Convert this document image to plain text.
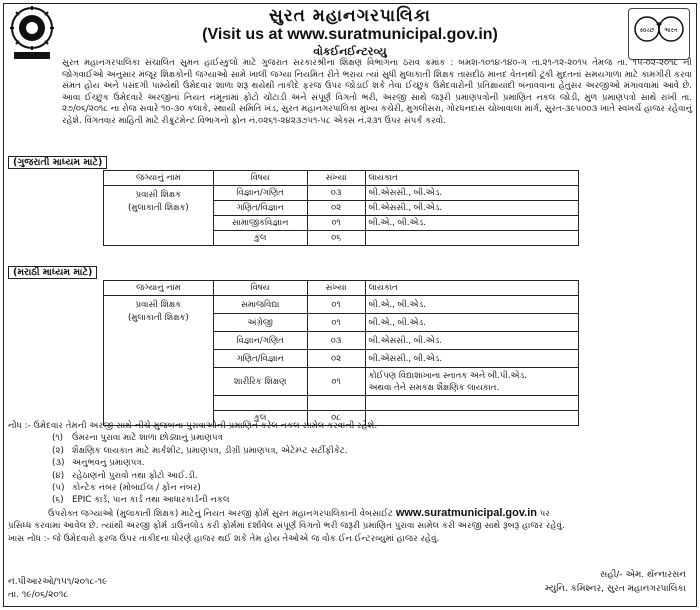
સ્વચ્છ ભારત
સુરત મહાનગરપાલિકા
(Visit us at www.suratmunicipal.gov.in)
વોકઈનઈન્ટરવ્યુ
સુરત મહાનગરપાલિકા સંચાલિત સુમન હાઈસ્કુલો માટે ગુજરાત સરકારશ્રીના શિક્ષણ વિભાગના ઠરાવ ક્રમાંક : બમશ-૧૦૧૪-૧૪૦-ગ તા.૨૧-૧૨-૨૦૧૫ તેમજ તા. ૧૫-૦૨-૨૦૧૮ ની જોગવાઈઓ અનુસાર મંજૂર શિક્ષકોની જગ્યાઓ સામે ખાલી જગ્યા નિયમિત રીતે ભરાય ત્યાં સુધી મુલાકાતી શિક્ષક તાસદીઠ માનદ વેતનથી ટૂંકી મુદતનાં સમયગાળા માટે કામગીરી કરવા સંમત હોય અને પસંદગી પામ્યેથી ઉમેદવાર શાળા શરૂ થયેથી તાકીદે ફરજ ઉપર જોડાઈ શકે તેવા ઈચ્છુક ઉમેદવારોની પ્રતિક્ષાયાદી બનાવવાના હેતુસર અરજીઓ મંગાવવામાં આવે છે. આવા ઈચ્છુક ઉમેદવારે અરજીનાં નિયત નમૂનામાં ફોટો ચોંટાડી અને સંપૂર્ણ વિગતો ભરી, અરજી સાથે જરૂરી પ્રમાણપત્રોની પ્રમાણિત નકલ જોડી, મુળ પ્રમાણપત્રો સાથે રાખી તા. ૨૭/૦૬/૨૦૧૮ ના રોજ સવારે ૧૦-૩૦ કલાકે, સ્થાયી સમિતિ ખંડ, સુરત મહાનગરપાલિકા મુખ્ય કચેરી, મુગલીસરા, ગોરધનદાસ ચોખાવાલા માર્ગ, સુરત-૩૯૫૦૦૩ ખાતે સ્વખર્ચે હાજર રહેવાનું રહેશે. વિગતવાર માહિતી માટે રીક્રુટમેન્ટ વિભાગનો ફોન નં.૦૨૬૧-૨૪૨૩૭૫૧-૫૮ એક્સ નં.૨૩૧ ઉપર સંપર્ક કરવો.
(ગુજરાતી માધ્યમ માટે)
જગ્યાનું નામ	વિષય	સંખ્યા	લાયકાત

પ્રવાસી શિક્ષક
(મુલાકાતી શિક્ષક)	વિજ્ઞાન/ગણિત	૦૩	બી.એસસી., બી.એડ.
	ગણિત/વિજ્ઞાન	૦૨	બી.એસસી., બી.એડ.
	સામાજીકવિજ્ઞાન	૦૧	બી.એ., બી.એડ.
	કુલ	૦૬	
(મરાઠી માધ્યમ માટે)
જગ્યાનું નામ	વિષય	સંખ્યા	લાયકાત

પ્રવાસી શિક્ષક
(મુલાકાતી શિક્ષક)	સમાજવિદ્યા	૦૧	બી.એ., બી.એડ.
	અંગ્રેજી	૦૧	બી.એ., બી.એડ.
	વિજ્ઞાન/ગણિત	૦૩	બી.એસસી., બી.એડ.
	ગણિત/વિજ્ઞાન	૦૨	બી.એસસી., બી.એડ.
	શારીરિક શિક્ષણ	૦૧	કોઈપણ વિદ્યાશાખાના સ્નાતક અને બી.પી.એડ.
અથવા તેને સમકક્ષ શૈક્ષણિક લાયકાત.

	કુલ	૦૮	
નોંધ :- ઉમેદવાર તેમની અરજી સાથે નીચે મુજબના પુરાવાઓની પ્રમાણિત કરેલ નકલ સામેલ કરવાની રહેશે.
(૧) ઉંમરના પુરાવા માટે શાળા છોડ્યાનું પ્રમાણપત્ર
(૨) શૈક્ષણિક લાયકાત માટે માર્કશીટ, પ્રમાણપત્ર, ડીગ્રી પ્રમાણપત્ર, એટેમ્પ્ટ સર્ટીફીકેટ.
(૩) અનુભવનું પ્રમાણપત્ર.
(૪) રહેઠાણનો પુરાવો તથા ફોટો આઈ.ડી.
(૫) કોન્ટેક નંબર (મોબાઈલ / ફોન નંબર)
(૬) EPIC કાર્ડ, પાન કાર્ડ તથા આધારકાર્ડની નકલ
ઉપરોક્ત જગ્યાઓ (મુલાકાતી શિક્ષક) માટેનું નિયત અરજી ફોર્મ સુરત મહાનગરપાલિકાની વેબસાઈટ www.suratmunicipal.gov.in પર
પ્રસિધ્ધ કરવામાં આવેલ છે. ત્યાંથી અરજી ફોર્મ ડાઉનલોડ કરી ફોર્મમાં દર્શાવેલ સંપૂર્ણ વિગતો ભરી જરૂરી પ્રમાણિત પુરાવા સામેલ કરી અરજી સાથે રૂબરૂ હાજર રહેવું.
ખાસ નોંધ :- જે ઉમેદવારો ફરજ ઉપર તાકીદના ધોરણે હાજર થઈ શકે તેમ હોય તેઓએ જ વોક ઈન ઈન્ટરવ્યુમાં હાજર રહેવું.
સહી/- એમ. થૅન્નારસન
મ્યુનિ. કમિશ્નર, સુરત મહાનગરપાલિકા
નં.પીઆરઓ/૧૫૧/૨૦૧૮-૧૯
તા. ૧૯/૦૬/૨૦૧૮
